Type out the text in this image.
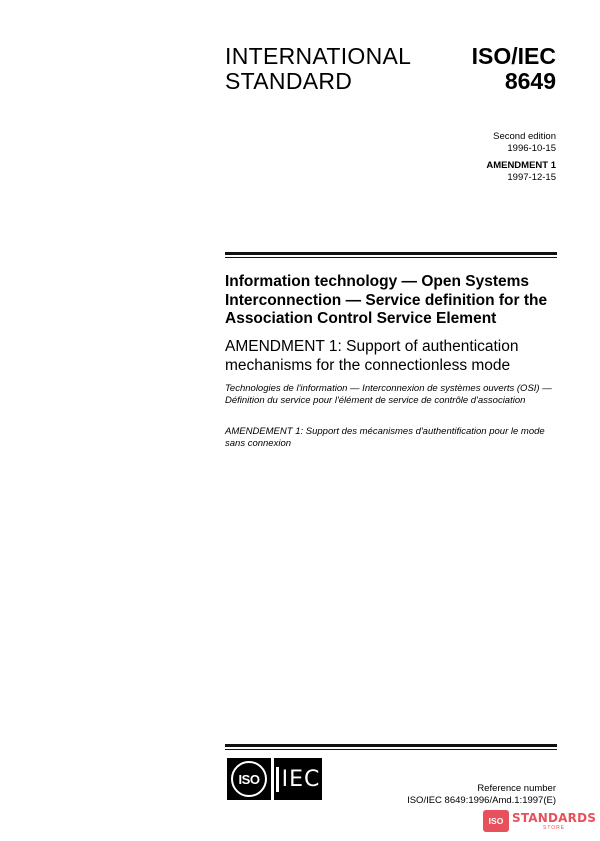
INTERNATIONAL
STANDARD
ISO/IEC
8649
Second edition
1996-10-15
AMENDMENT 1
1997-12-15
Information technology — Open Systems Interconnection — Service definition for the Association Control Service Element
AMENDMENT 1: Support of authentication mechanisms for the connectionless mode
Technologies de l'information — Interconnexion de systèmes ouverts (OSI) — Définition du service pour l'élément de service de contrôle d'association
AMENDEMENT 1: Support des mécanismes d'authentification pour le mode sans connexion
ISO	IEC	Reference number
ISO/IEC 8649:1996/Amd.1:1997(E)
ISO STANDARDS
STORE
